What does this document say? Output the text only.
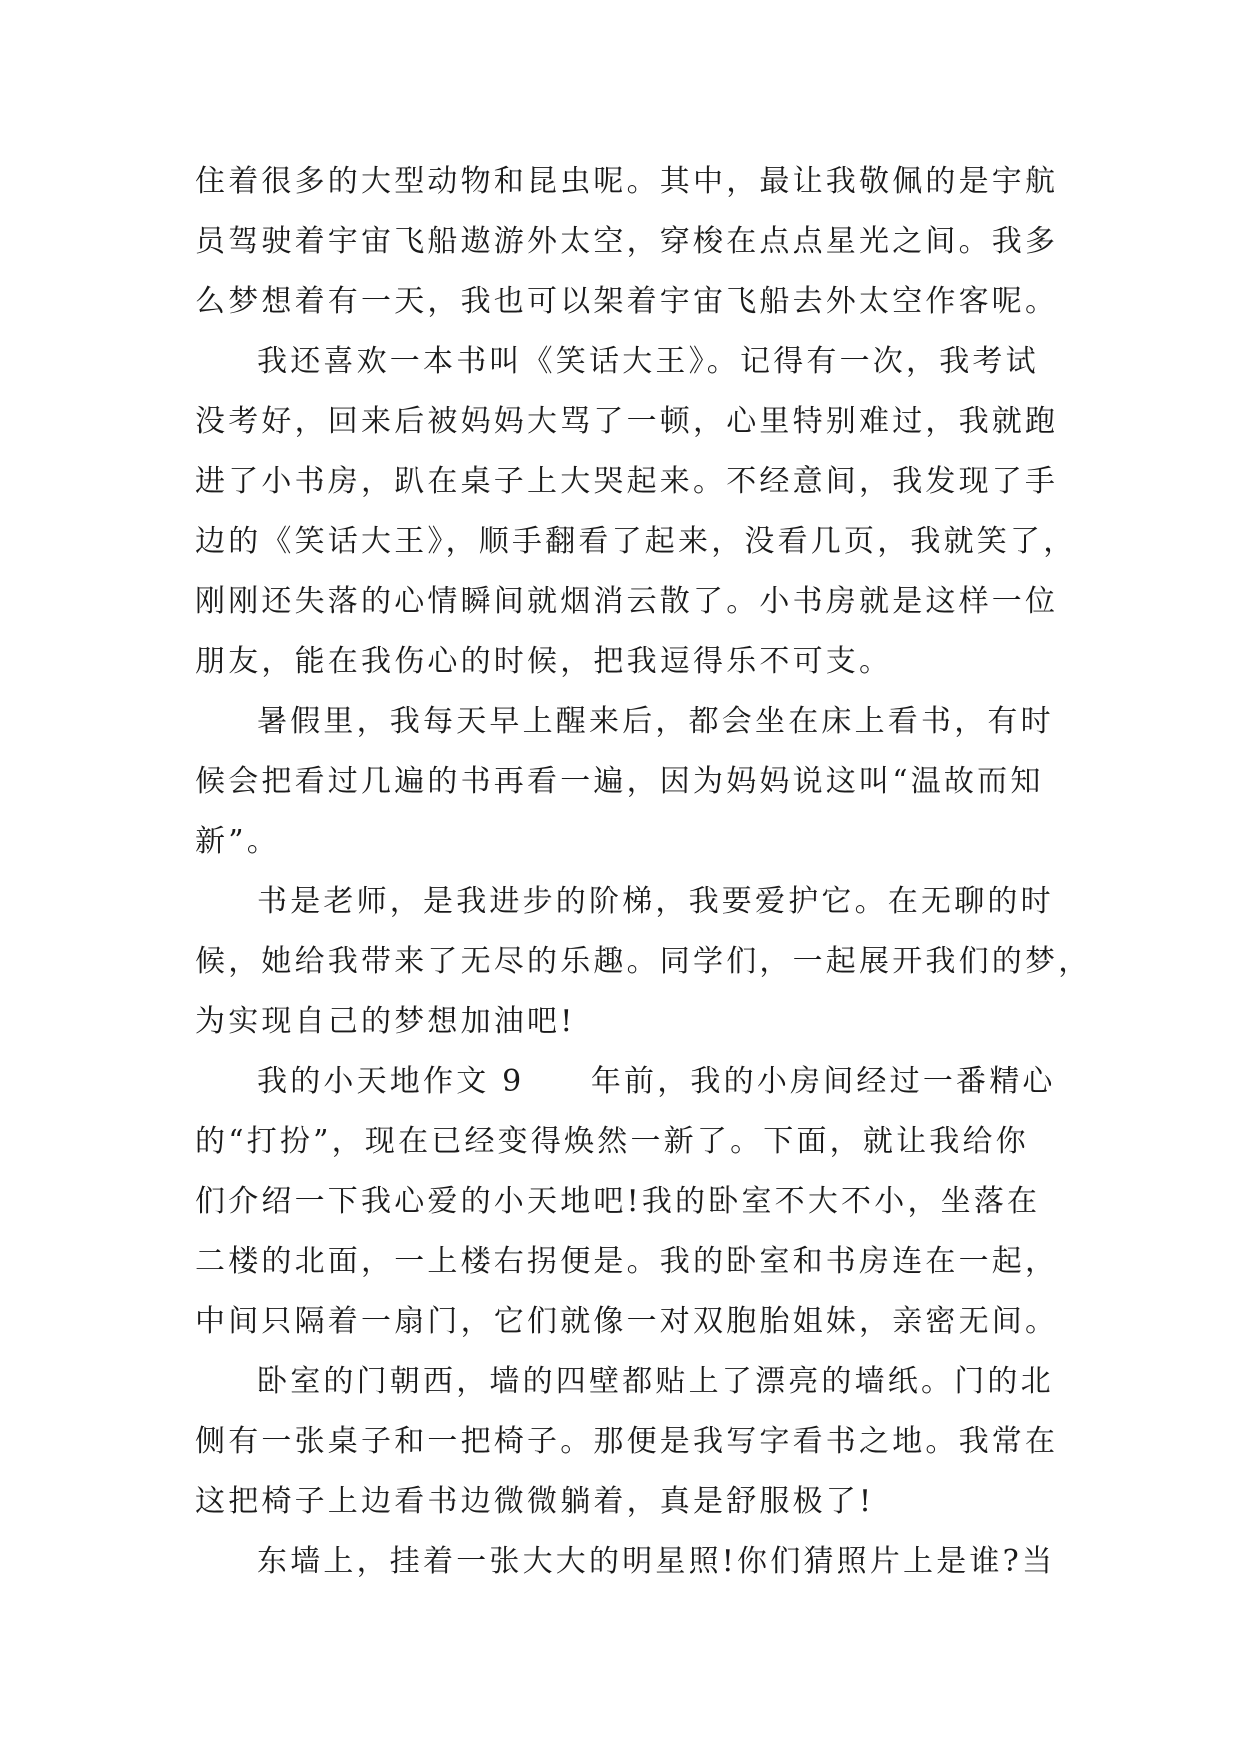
住着很多的大型动物和昆虫呢。其中，最让我敬佩的是宇航
员驾驶着宇宙飞船遨游外太空，穿梭在点点星光之间。我多
么梦想着有一天，我也可以架着宇宙飞船去外太空作客呢。
我还喜欢一本书叫《笑话大王》。记得有一次，我考试
没考好，回来后被妈妈大骂了一顿，心里特别难过，我就跑
进了小书房，趴在桌子上大哭起来。不经意间，我发现了手
边的《笑话大王》，顺手翻看了起来，没看几页，我就笑了，
刚刚还失落的心情瞬间就烟消云散了。小书房就是这样一位
朋友，能在我伤心的时候，把我逗得乐不可支。
暑假里，我每天早上醒来后，都会坐在床上看书，有时
候会把看过几遍的书再看一遍，因为妈妈说这叫“温故而知
新”。
书是老师，是我进步的阶梯，我要爱护它。在无聊的时
候，她给我带来了无尽的乐趣。同学们，一起展开我们的梦，
为实现自己的梦想加油吧!
我的小天地作文 9　　年前，我的小房间经过一番精心
的“打扮”，现在已经变得焕然一新了。下面，就让我给你
们介绍一下我心爱的小天地吧!我的卧室不大不小，坐落在
二楼的北面，一上楼右拐便是。我的卧室和书房连在一起，
中间只隔着一扇门，它们就像一对双胞胎姐妹，亲密无间。
卧室的门朝西，墙的四壁都贴上了漂亮的墙纸。门的北
侧有一张桌子和一把椅子。那便是我写字看书之地。我常在
这把椅子上边看书边微微躺着，真是舒服极了!
东墙上，挂着一张大大的明星照!你们猜照片上是谁?当
